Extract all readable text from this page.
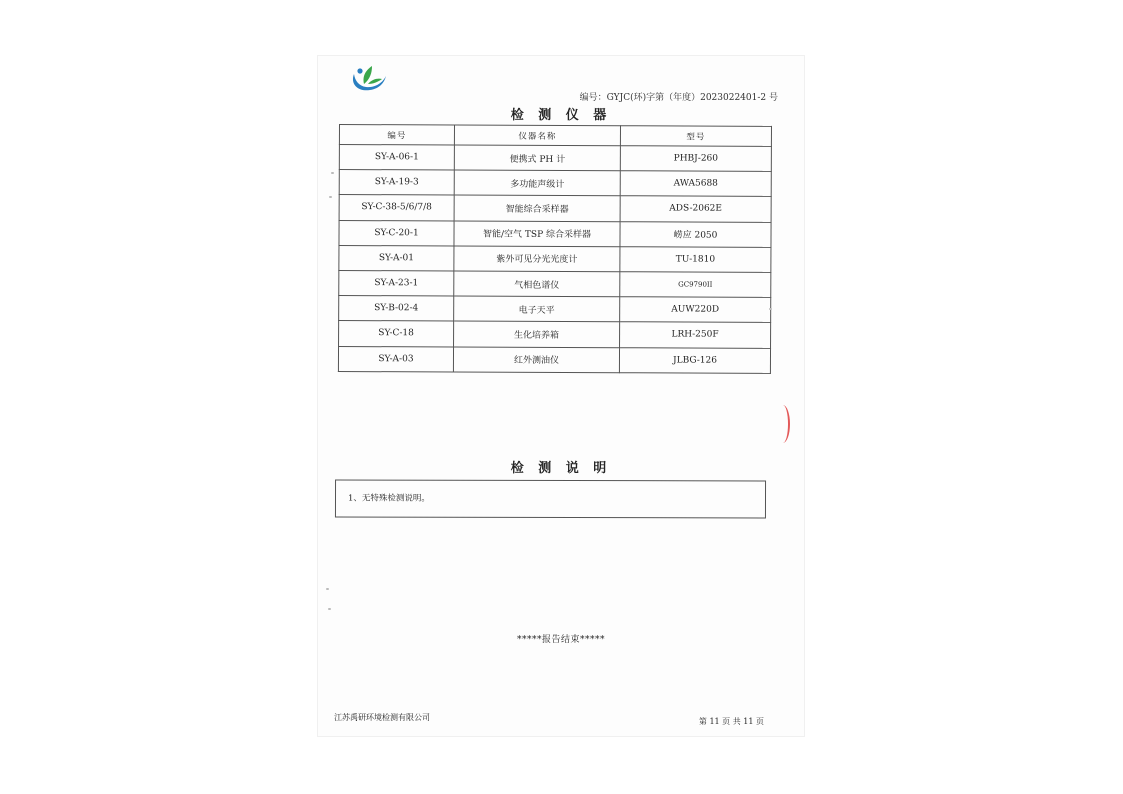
编号：GYJC(环)字第（年度）2023022401-2 号
检 测 仪 器
编号	仪器名称	型号
SY-A-06-1	便携式 PH 计	PHBJ-260
SY-A-19-3	多功能声级计	AWA5688
SY-C-38-5/6/7/8	智能综合采样器	ADS-2062E
SY-C-20-1	智能/空气 TSP 综合采样器	崂应 2050
SY-A-01	紫外可见分光光度计	TU-1810
SY-A-23-1	气相色谱仪	GC9790II
SY-B-02-4	电子天平	AUW220D
SY-C-18	生化培养箱	LRH-250F
SY-A-03	红外测油仪	JLBG-126
检 测 说 明
1、无特殊检测说明。
*****报告结束*****
江苏禹研环境检测有限公司	第 11 页 共 11 页
